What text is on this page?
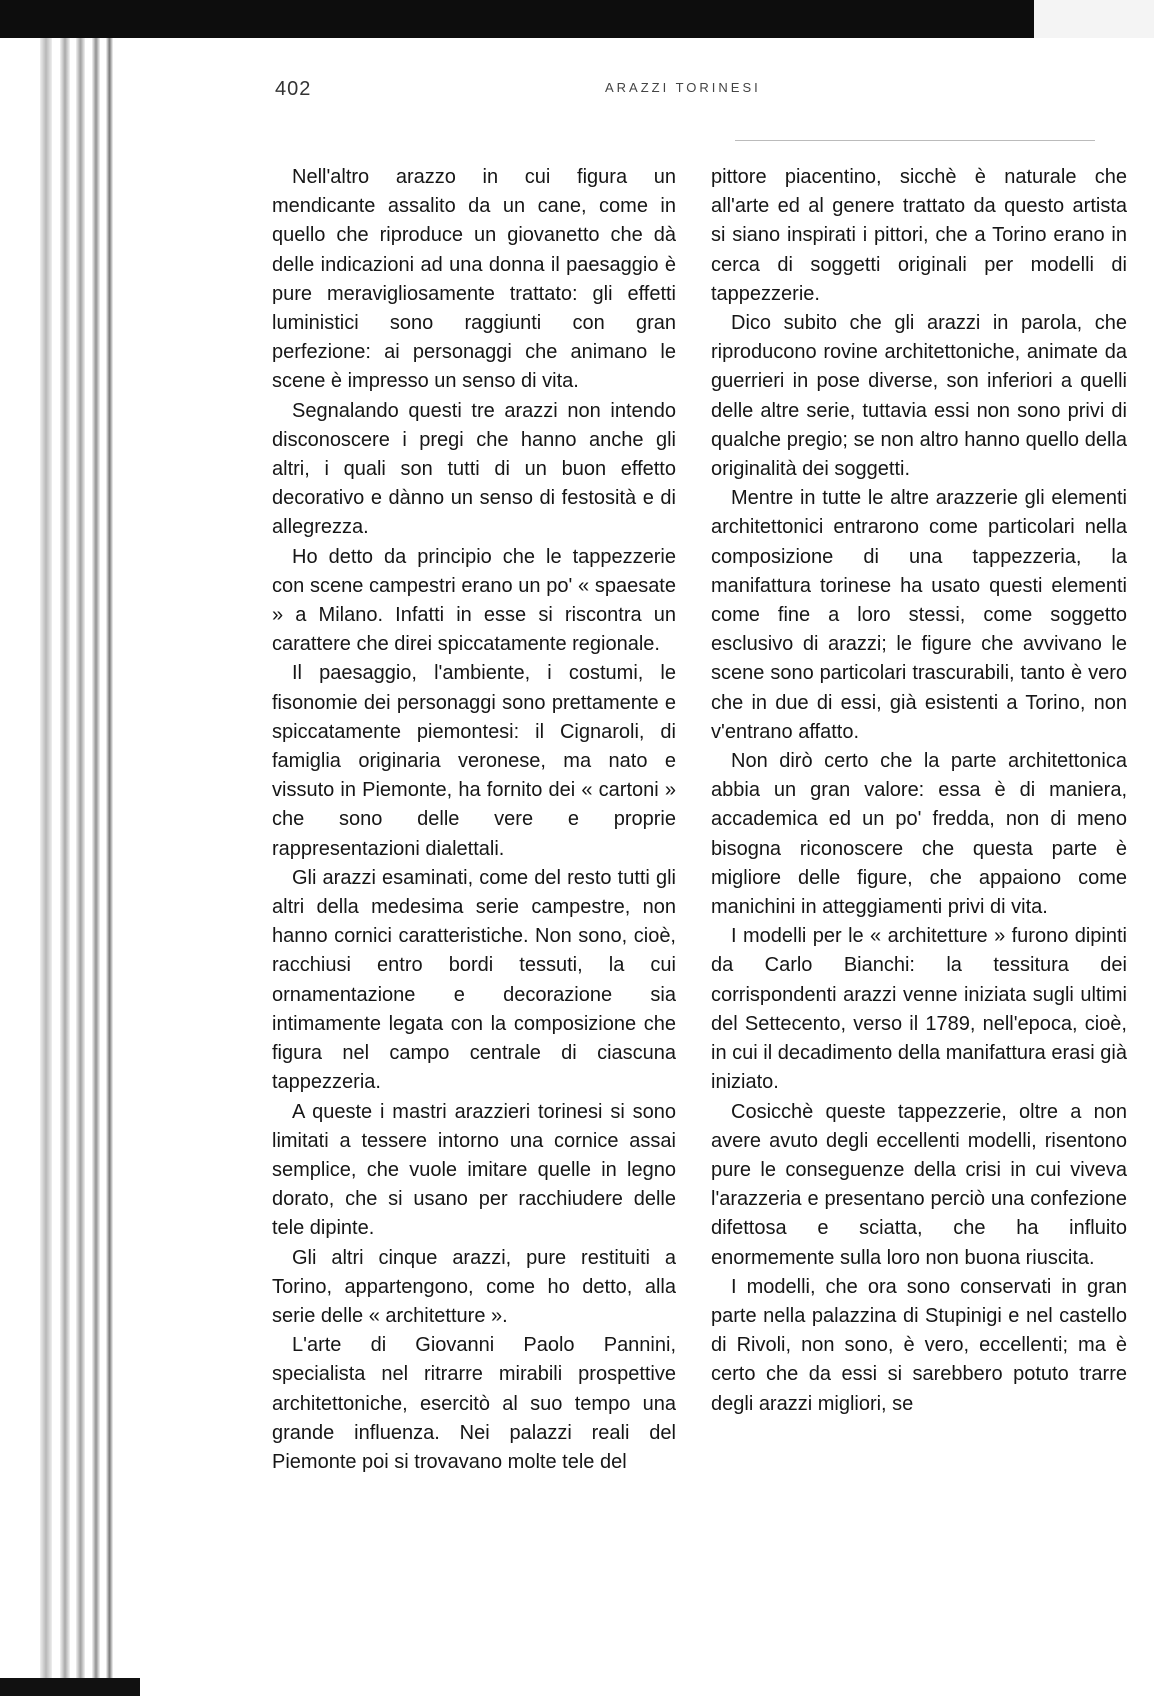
402	ARAZZI TORINESI

Nell'altro arazzo in cui figura un mendicante assalito da un cane, come in quello che riproduce un giovanetto che dà delle indicazioni ad una donna il paesaggio è pure meravigliosamente trattato: gli effetti luministici sono raggiunti con gran perfezione: ai personaggi che animano le scene è impresso un senso di vita.

Segnalando questi tre arazzi non intendo disconoscere i pregi che hanno anche gli altri, i quali son tutti di un buon effetto decorativo e dànno un senso di festosità e di allegrezza.

Ho detto da principio che le tappezzerie con scene campestri erano un po' « spaesate » a Milano. Infatti in esse si riscontra un carattere che direi spiccatamente regionale.

Il paesaggio, l'ambiente, i costumi, le fisonomie dei personaggi sono prettamente e spiccatamente piemontesi: il Cignaroli, di famiglia originaria veronese, ma nato e vissuto in Piemonte, ha fornito dei « cartoni » che sono delle vere e proprie rappresentazioni dialettali.

Gli arazzi esaminati, come del resto tutti gli altri della medesima serie campestre, non hanno cornici caratteristiche. Non sono, cioè, racchiusi entro bordi tessuti, la cui ornamentazione e decorazione sia intimamente legata con la composizione che figura nel campo centrale di ciascuna tappezzeria.

A queste i mastri arazzieri torinesi si sono limitati a tessere intorno una cornice assai semplice, che vuole imitare quelle in legno dorato, che si usano per racchiudere delle tele dipinte.

Gli altri cinque arazzi, pure restituiti a Torino, appartengono, come ho detto, alla serie delle « architetture ».

L'arte di Giovanni Paolo Pannini, specialista nel ritrarre mirabili prospettive architettoniche, esercitò al suo tempo una grande influenza. Nei palazzi reali del Piemonte poi si trovavano molte tele del

pittore piacentino, sicchè è naturale che all'arte ed al genere trattato da questo artista si siano inspirati i pittori, che a Torino erano in cerca di soggetti originali per modelli di tappezzerie.

Dico subito che gli arazzi in parola, che riproducono rovine architettoniche, animate da guerrieri in pose diverse, son inferiori a quelli delle altre serie, tuttavia essi non sono privi di qualche pregio; se non altro hanno quello della originalità dei soggetti.

Mentre in tutte le altre arazzerie gli elementi architettonici entrarono come particolari nella composizione di una tappezzeria, la manifattura torinese ha usato questi elementi come fine a loro stessi, come soggetto esclusivo di arazzi; le figure che avvivano le scene sono particolari trascurabili, tanto è vero che in due di essi, già esistenti a Torino, non v'entrano affatto.

Non dirò certo che la parte architettonica abbia un gran valore: essa è di maniera, accademica ed un po' fredda, non di meno bisogna riconoscere che questa parte è migliore delle figure, che appaiono come manichini in atteggiamenti privi di vita.

I modelli per le « architetture » furono dipinti da Carlo Bianchi: la tessitura dei corrispondenti arazzi venne iniziata sugli ultimi del Settecento, verso il 1789, nell'epoca, cioè, in cui il decadimento della manifattura erasi già iniziato.

Cosicchè queste tappezzerie, oltre a non avere avuto degli eccellenti modelli, risentono pure le conseguenze della crisi in cui viveva l'arazzeria e presentano perciò una confezione difettosa e sciatta, che ha influito enormemente sulla loro non buona riuscita.

I modelli, che ora sono conservati in gran parte nella palazzina di Stupinigi e nel castello di Rivoli, non sono, è vero, eccellenti; ma è certo che da essi si sarebbero potuto trarre degli arazzi migliori, se
